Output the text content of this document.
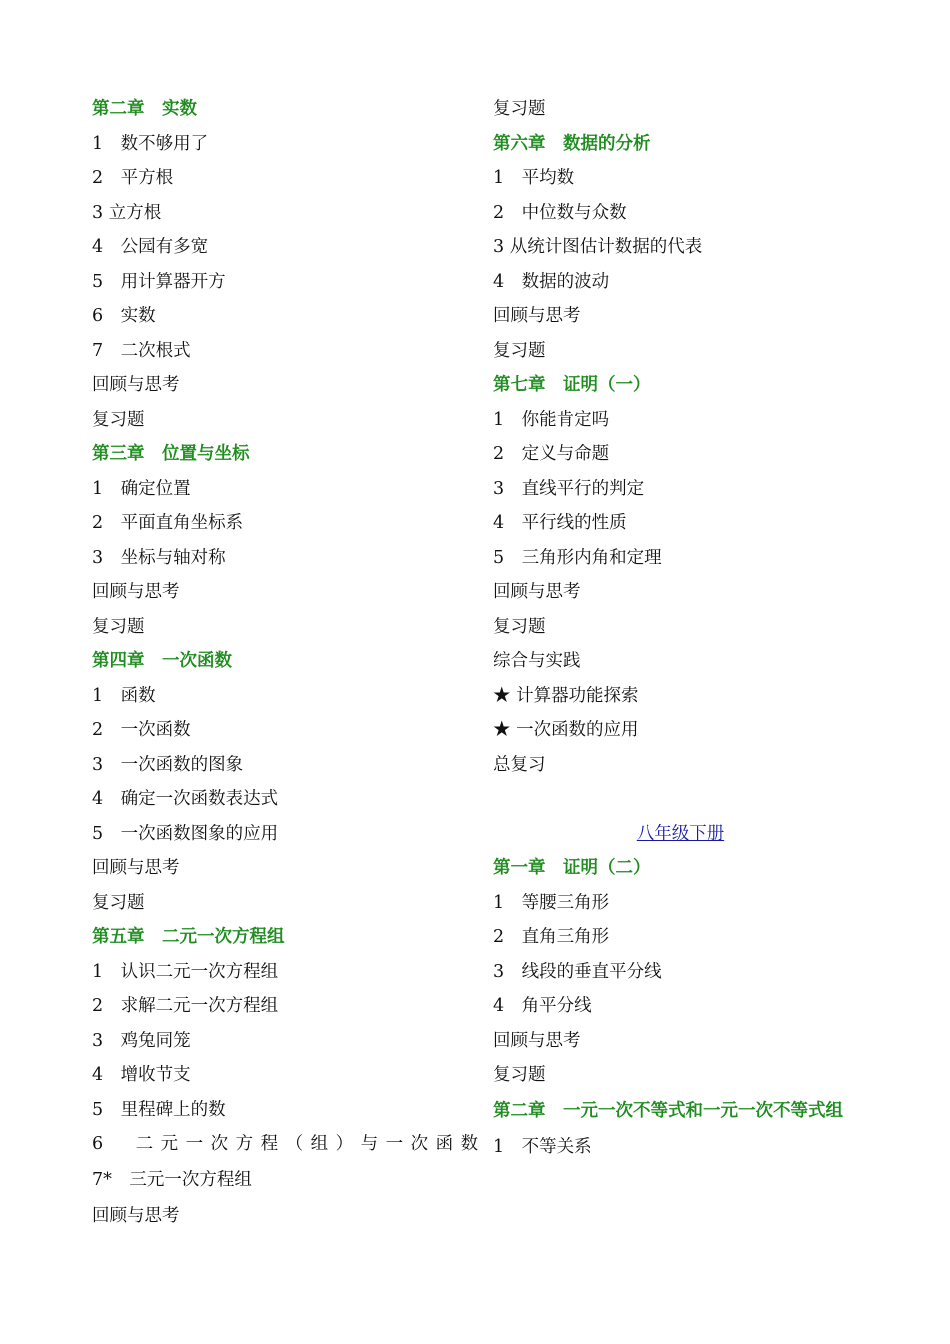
第二章　实数
1　数不够用了
2　平方根
3 立方根
4　公园有多宽
5　用计算器开方
6　实数
7　二次根式
回顾与思考
复习题
第三章　位置与坐标
1　确定位置
2　平面直角坐标系
3　坐标与轴对称
回顾与思考
复习题
第四章　一次函数
1　函数
2　一次函数
3　一次函数的图象
4　确定一次函数表达式
5　一次函数图象的应用
回顾与思考
复习题
第五章　二元一次方程组
1　认识二元一次方程组
2　求解二元一次方程组
3　鸡兔同笼
4　增收节支
5　里程碑上的数
6　二元一次方程（组）与一次函数
7*　三元一次方程组
回顾与思考
复习题
第六章　数据的分析
1　平均数
2　中位数与众数
3 从统计图估计数据的代表
4　数据的波动
回顾与思考
复习题
第七章　证明（一）
1　你能肯定吗
2　定义与命题
3　直线平行的判定
4　平行线的性质
5　三角形内角和定理
回顾与思考
复习题
综合与实践
★ 计算器功能探索
★ 一次函数的应用
总复习
八年级下册
第一章　证明（二）
1　等腰三角形
2　直角三角形
3　线段的垂直平分线
4　角平分线
回顾与思考
复习题
第二章　一元一次不等式和一元一次不等式组
1　不等关系
